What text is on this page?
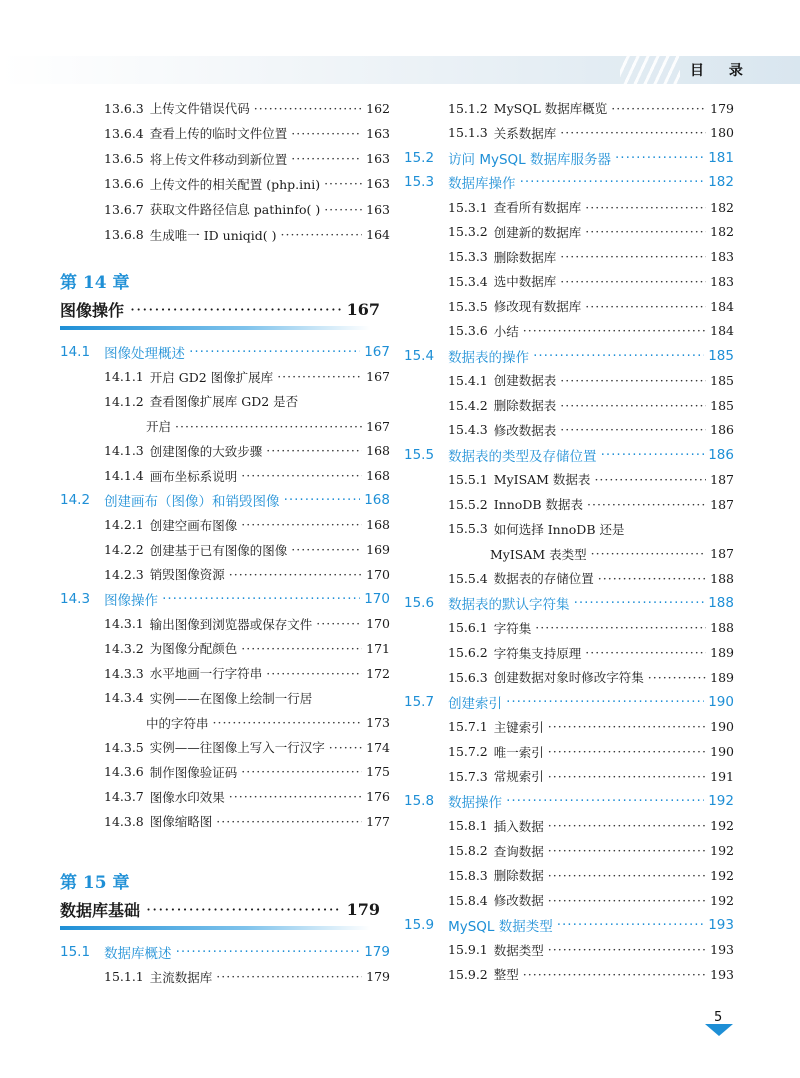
目 录
13.6.3 上传文件错误代码 ·····	162
13.6.4 查看上传的临时文件位置 ·····	163
13.6.5 将上传文件移动到新位置 ·····	163
13.6.6 上传文件的相关配置 (php.ini) ·····	163
13.6.7 获取文件路径信息 pathinfo( ) ·····	163
13.6.8 生成唯一 ID uniqid( ) ·····	164
第 14 章
图像操作 ·····	167
14.1 图像处理概述 ·····	167
14.1.1 开启 GD2 图像扩展库 ·····	167
14.1.2 查看图像扩展库 GD2 是否
开启 ·····	167
14.1.3 创建图像的大致步骤 ·····	168
14.1.4 画布坐标系说明 ·····	168
14.2 创建画布（图像）和销毁图像 ·····	168
14.2.1 创建空画布图像 ·····	168
14.2.2 创建基于已有图像的图像 ·····	169
14.2.3 销毁图像资源 ·····	170
14.3 图像操作 ·····	170
14.3.1 输出图像到浏览器或保存文件 ·····	170
14.3.2 为图像分配颜色 ·····	171
14.3.3 水平地画一行字符串 ·····	172
14.3.4 实例——在图像上绘制一行居
中的字符串 ·····	173
14.3.5 实例——往图像上写入一行汉字 ·····	174
14.3.6 制作图像验证码 ·····	175
14.3.7 图像水印效果 ·····	176
14.3.8 图像缩略图 ·····	177
第 15 章
数据库基础 ·····	179
15.1 数据库概述 ·····	179
15.1.1 主流数据库 ·····	179
15.1.2 MySQL 数据库概览 ·····	179
15.1.3 关系数据库 ·····	180
15.2 访问 MySQL 数据库服务器 ·····	181
15.3 数据库操作 ·····	182
15.3.1 查看所有数据库 ·····	182
15.3.2 创建新的数据库 ·····	182
15.3.3 删除数据库 ·····	183
15.3.4 选中数据库 ·····	183
15.3.5 修改现有数据库 ·····	184
15.3.6 小结 ·····	184
15.4 数据表的操作 ·····	185
15.4.1 创建数据表 ·····	185
15.4.2 删除数据表 ·····	185
15.4.3 修改数据表 ·····	186
15.5 数据表的类型及存储位置 ·····	186
15.5.1 MyISAM 数据表 ·····	187
15.5.2 InnoDB 数据表 ·····	187
15.5.3 如何选择 InnoDB 还是
MyISAM 表类型 ·····	187
15.5.4 数据表的存储位置 ·····	188
15.6 数据表的默认字符集 ·····	188
15.6.1 字符集 ·····	188
15.6.2 字符集支持原理 ·····	189
15.6.3 创建数据对象时修改字符集 ·····	189
15.7 创建索引 ·····	190
15.7.1 主键索引 ·····	190
15.7.2 唯一索引 ·····	190
15.7.3 常规索引 ·····	191
15.8 数据操作 ·····	192
15.8.1 插入数据 ·····	192
15.8.2 查询数据 ·····	192
15.8.3 删除数据 ·····	192
15.8.4 修改数据 ·····	192
15.9 MySQL 数据类型 ·····	193
15.9.1 数据类型 ·····	193
15.9.2 整型 ·····	193
5
